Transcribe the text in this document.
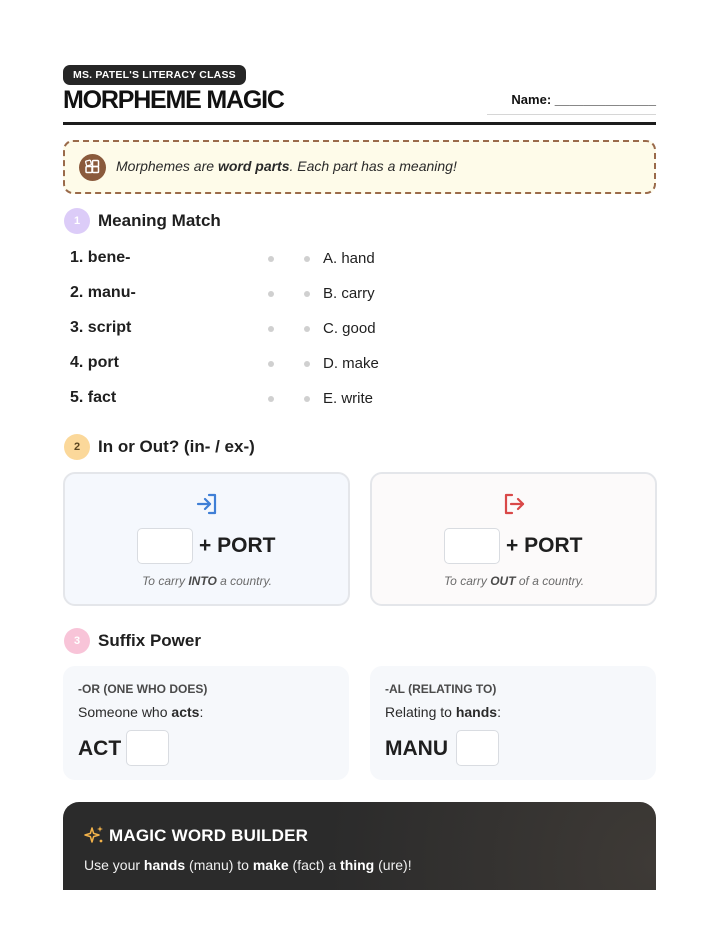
MS. PATEL'S LITERACY CLASS
MORPHEME MAGIC	Name: ______________
Morphemes are word parts. Each part has a meaning!
1	Meaning Match
1. bene-	A. hand
2. manu-	B. carry
3. script	C. good
4. port	D. make
5. fact	E. write
2	In or Out? (in- / ex-)
+ PORT
To carry INTO a country.
+ PORT
To carry OUT of a country.
3	Suffix Power
-OR (ONE WHO DOES)
Someone who acts:
ACT
-AL (RELATING TO)
Relating to hands:
MANU
MAGIC WORD BUILDER
Use your hands (manu) to make (fact) a thing (ure)!
